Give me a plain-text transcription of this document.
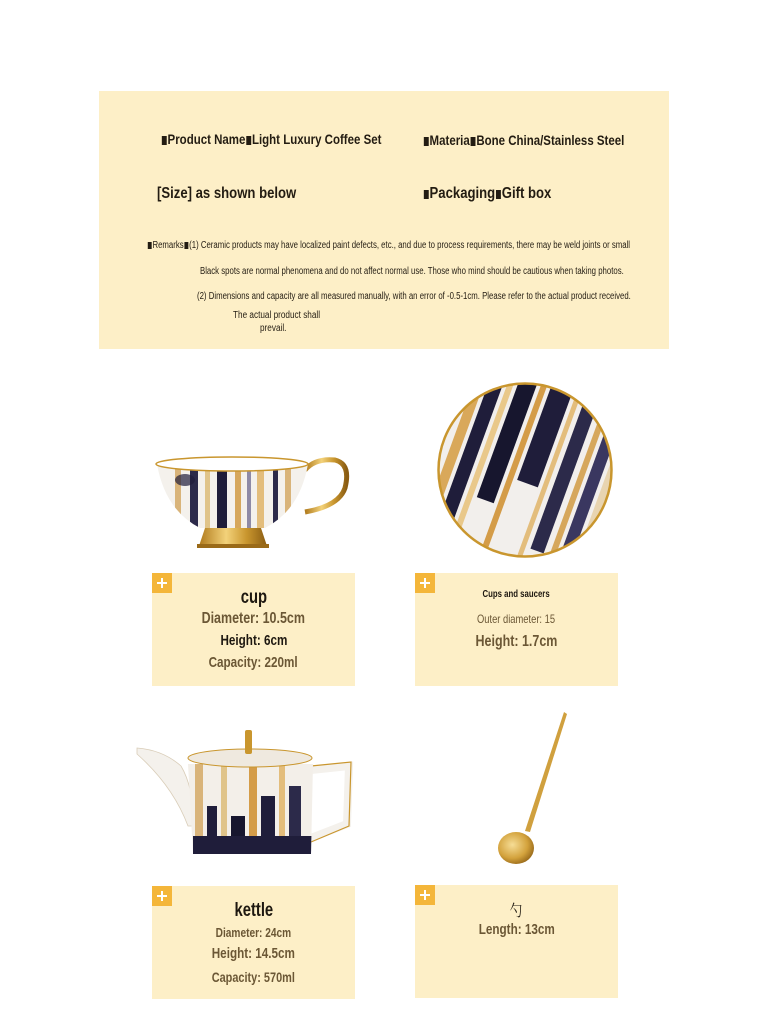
Product Name Light Luxury Coffee Set	Materia Bone China/Stainless Steel
[Size] as shown below	Packaging Gift box
Remarks (1) Ceramic products may have localized paint defects, etc., and due to process requirements, there may be weld joints or small
Black spots are normal phenomena and do not affect normal use. Those who mind should be cautious when taking photos.
(2) Dimensions and capacity are all measured manually, with an error of -0.5-1cm. Please refer to the actual product received.
The actual product shall
prevail.
cup
Diameter: 10.5cm
Height: 6cm
Capacity: 220ml
Cups and saucers
Outer diameter: 15
Height: 1.7cm
kettle
Diameter: 24cm
Height: 14.5cm
Capacity: 570ml
勺
Length: 13cm
